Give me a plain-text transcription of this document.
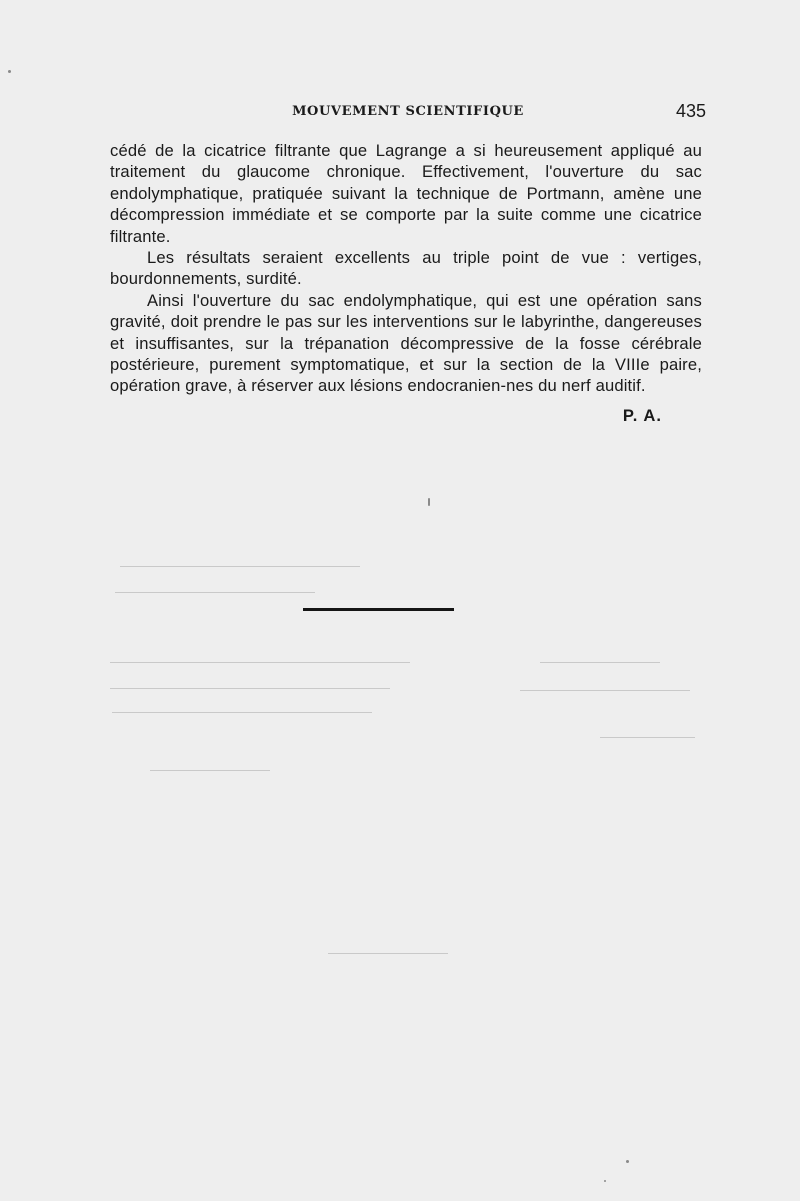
MOUVEMENT SCIENTIFIQUE	435

cédé de la cicatrice filtrante que Lagrange a si heureusement appliqué au traitement du glaucome chronique. Effectivement, l'ouverture du sac endolymphatique, pratiquée suivant la technique de Portmann, amène une décompression immédiate et se comporte par la suite comme une cicatrice filtrante.

Les résultats seraient excellents au triple point de vue : vertiges, bourdonnements, surdité.

Ainsi l'ouverture du sac endolymphatique, qui est une opération sans gravité, doit prendre le pas sur les interventions sur le labyrinthe, dangereuses et insuffisantes, sur la trépanation décompressive de la fosse cérébrale postérieure, purement symptomatique, et sur la section de la VIIIe paire, opération grave, à réserver aux lésions endocranien-nes du nerf auditif.

P. A.
